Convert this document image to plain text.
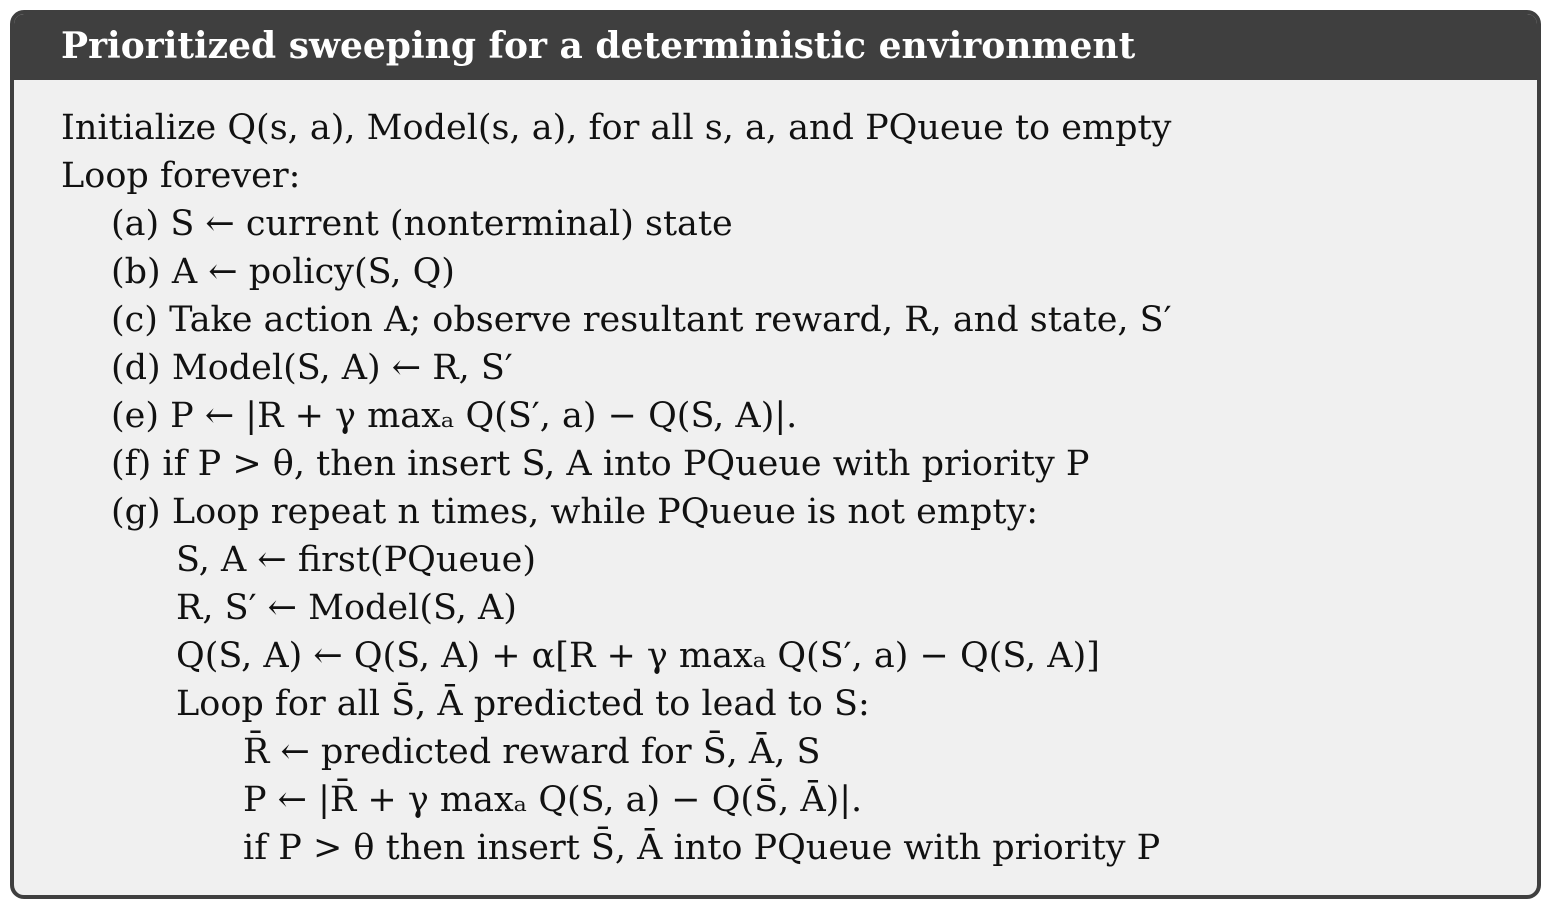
Prioritized sweeping for a deterministic environment
Initialize Q(s, a), Model(s, a), for all s, a, and PQueue to empty
Loop forever:
(a) S ← current (nonterminal) state
(b) A ← policy(S, Q)
(c) Take action A; observe resultant reward, R, and state, S′
(d) Model(S, A) ← R, S′
(e) P ← |R + γ maxₐ Q(S′, a) − Q(S, A)|.
(f) if P > θ, then insert S, A into PQueue with priority P
(g) Loop repeat n times, while PQueue is not empty:
S, A ← first(PQueue)
R, S′ ← Model(S, A)
Q(S, A) ← Q(S, A) + α[R + γ maxₐ Q(S′, a) − Q(S, A)]
Loop for all S̄, Ā predicted to lead to S:
R̄ ← predicted reward for S̄, Ā, S
P ← |R̄ + γ maxₐ Q(S, a) − Q(S̄, Ā)|.
if P > θ then insert S̄, Ā into PQueue with priority P
